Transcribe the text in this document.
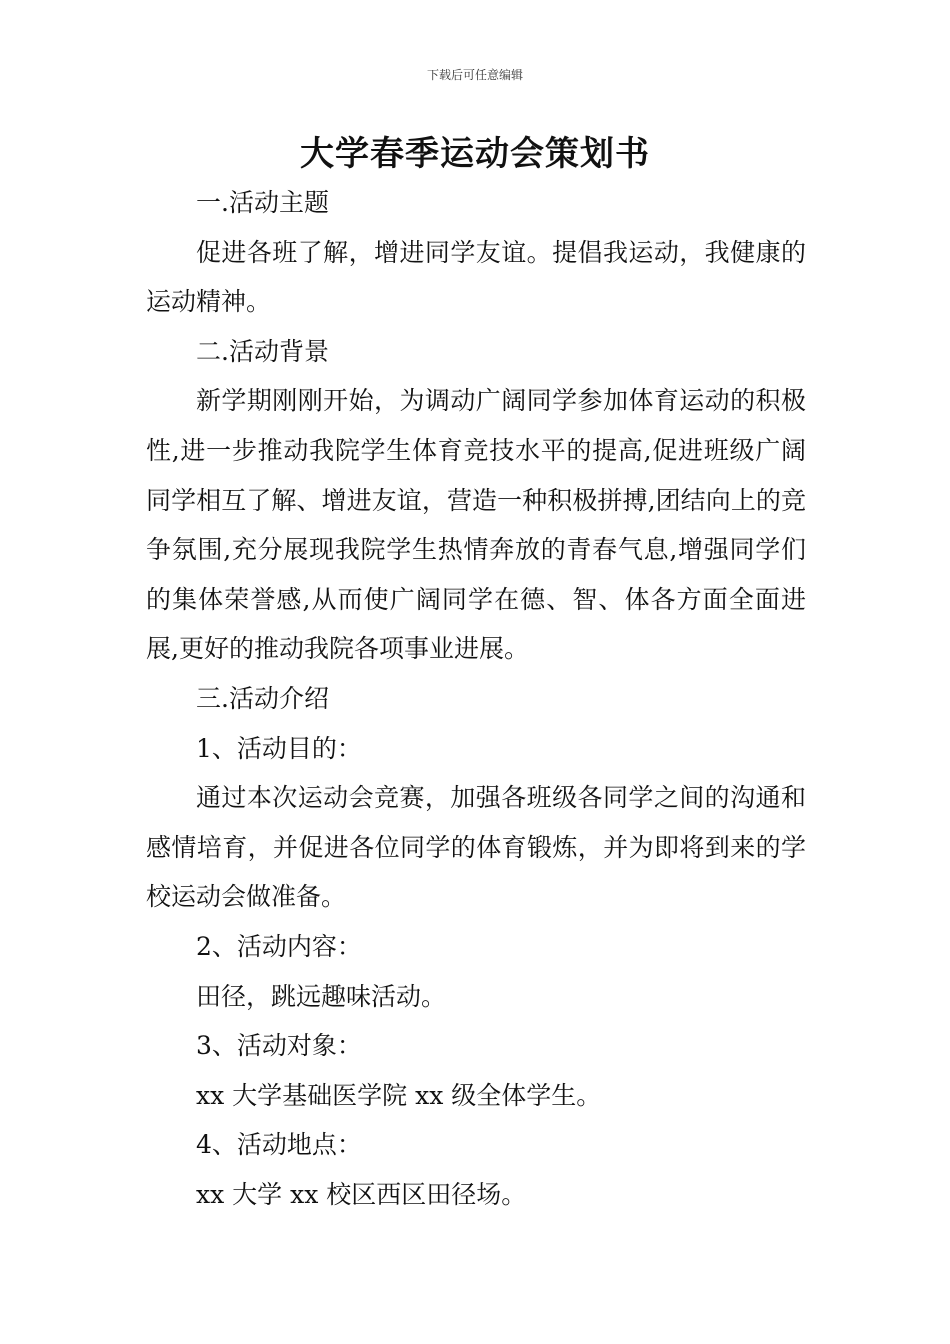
下载后可任意编辑
大学春季运动会策划书

一.活动主题

促进各班了解，增进同学友谊。提倡我运动，我健康的运动精神。

二.活动背景

新学期刚刚开始，为调动广阔同学参加体育运动的积极性,进一步推动我院学生体育竞技水平的提高,促进班级广阔同学相互了解、增进友谊，营造一种积极拼搏,团结向上的竞争氛围,充分展现我院学生热情奔放的青春气息,增强同学们的集体荣誉感,从而使广阔同学在德、智、体各方面全面进展,更好的推动我院各项事业进展。

三.活动介绍

1、活动目的：

通过本次运动会竞赛，加强各班级各同学之间的沟通和感情培育，并促进各位同学的体育锻炼，并为即将到来的学校运动会做准备。

2、活动内容：

田径，跳远趣味活动。

3、活动对象：

xx 大学基础医学院 xx 级全体学生。

4、活动地点：

xx 大学 xx 校区西区田径场。
